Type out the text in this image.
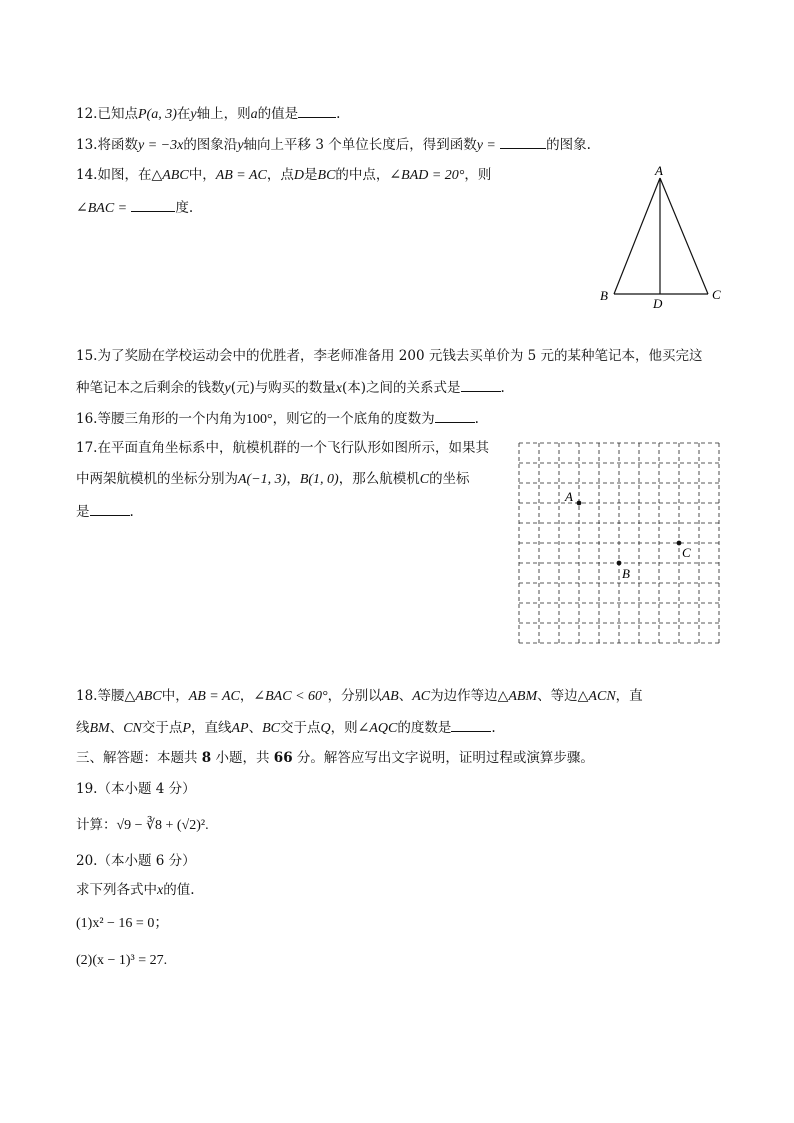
12.已知点P(a, 3)在y轴上，则a的值是	.
13.将函数y = −3x的图象沿y轴向上平移 3 个单位长度后，得到函数y =	的图象.
14.如图，在△ABC中，AB = AC，点D是BC的中点，∠BAD = 20°，则
∠BAC =	度.
A
B	C
D
15.为了奖励在学校运动会中的优胜者，李老师准备用 200 元钱去买单价为 5 元的某种笔记本，他买完这
种笔记本之后剩余的钱数y(元)与购买的数量x(本)之间的关系式是	.
16.等腰三角形的一个内角为100°，则它的一个底角的度数为	.
17.在平面直角坐标系中，航模机群的一个飞行队形如图所示，如果其
中两架航模机的坐标分别为A(−1, 3)，B(1, 0)，那么航模机C的坐标
是	.
A
B
C
18.等腰△ABC中，AB = AC，∠BAC < 60°，分别以AB、AC为边作等边△ABM、等边△ACN，直
线BM、CN交于点P，直线AP、BC交于点Q，则∠AQC的度数是	.
三、解答题：本题共 8 小题，共 66 分。解答应写出文字说明，证明过程或演算步骤。
19.（本小题 4 分）
计算：√9 − ∛8 + (√2)².
20.（本小题 6 分）
求下列各式中x的值.
(1)x² − 16 = 0；
(2)(x − 1)³ = 27.
